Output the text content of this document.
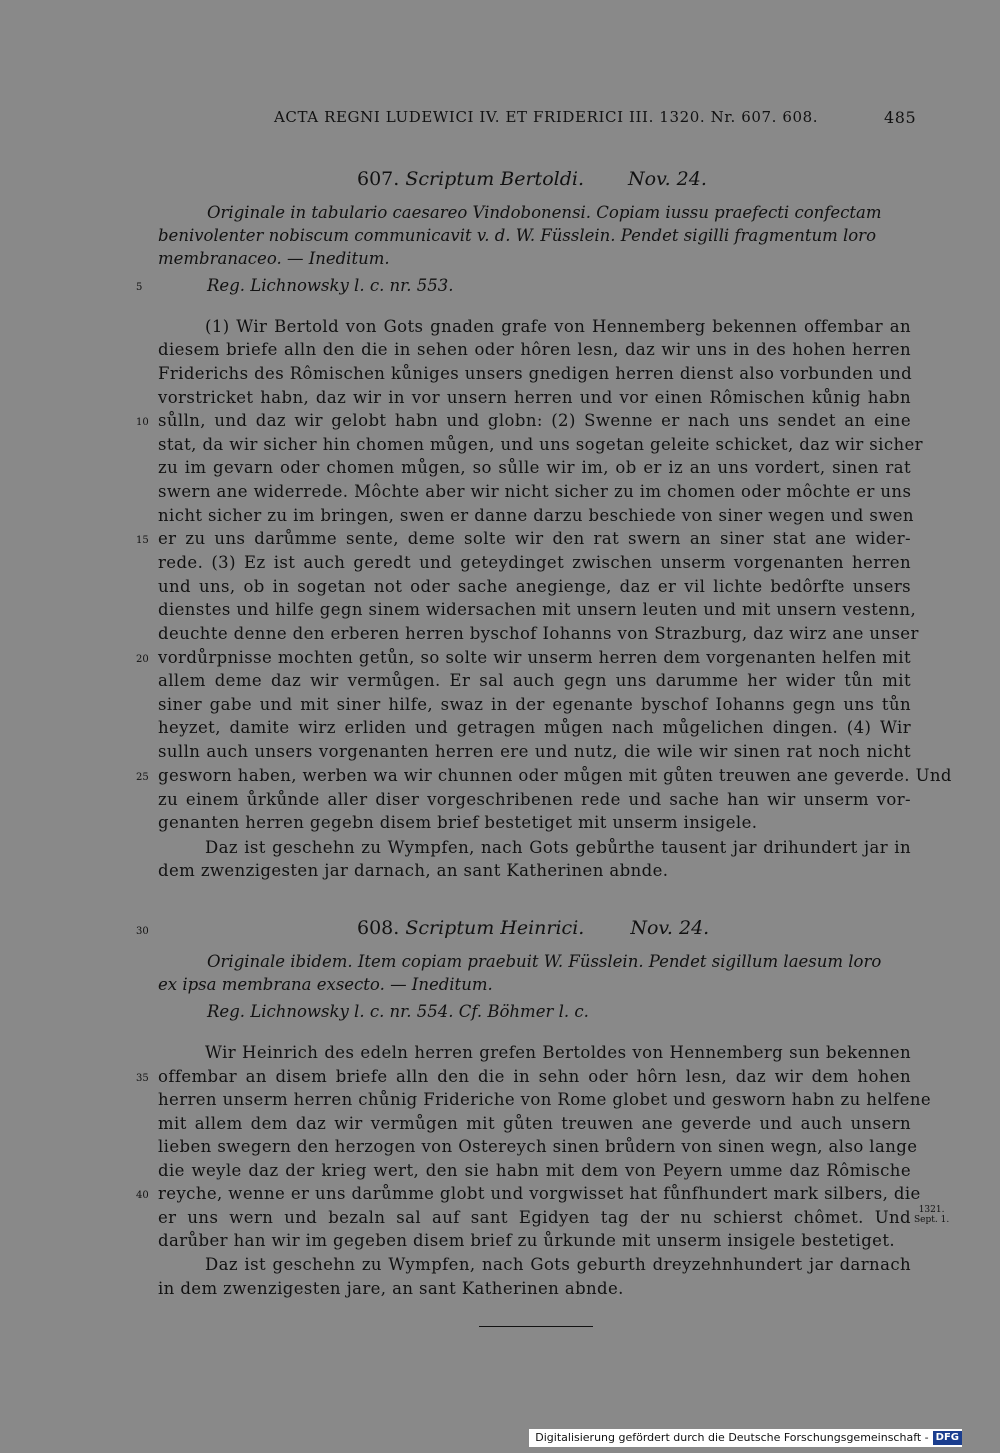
ACTA REGNI LUDEWICI IV. ET FRIDERICI III. 1320. Nr. 607. 608.	485
607. Scriptum Bertoldi. Nov. 24.
Originale in tabulario caesareo Vindobonensi. Copiam iussu praefecti confectam
benivolenter nobiscum communicavit v. d. W. Füsslein. Pendet sigilli fragmentum loro
membranaceo. — Ineditum.
Reg. Lichnowsky l. c. nr. 553.
(1) Wir Bertold von Gots gnaden grafe von Hennemberg bekennen offembar an
diesem briefe alln den die in sehen oder hôren lesn, daz wir uns in des hohen herren
Friderichs des Rômischen kůniges unsers gnedigen herren dienst also vorbunden und
vorstricket habn, daz wir in vor unsern herren und vor einen Rômischen kůnig habn
sůlln, und daz wir gelobt habn und globn: (2) Swenne er nach uns sendet an eine
stat, da wir sicher hin chomen můgen, und uns sogetan geleite schicket, daz wir sicher
zu im gevarn oder chomen můgen, so sůlle wir im, ob er iz an uns vordert, sinen rat
swern ane widerrede. Môchte aber wir nicht sicher zu im chomen oder môchte er uns
nicht sicher zu im bringen, swen er danne darzu beschiede von siner wegen und swen
er zu uns darůmme sente, deme solte wir den rat swern an siner stat ane wider-
rede. (3) Ez ist auch geredt und geteydinget zwischen unserm vorgenanten herren
und uns, ob in sogetan not oder sache anegienge, daz er vil lichte bedôrfte unsers
dienstes und hilfe gegn sinem widersachen mit unsern leuten und mit unsern vestenn,
deuchte denne den erberen herren byschof Iohanns von Strazburg, daz wirz ane unser
vordůrpnisse mochten getůn, so solte wir unserm herren dem vorgenanten helfen mit
allem deme daz wir vermůgen. Er sal auch gegn uns darumme her wider tůn mit
siner gabe und mit siner hilfe, swaz in der egenante byschof Iohanns gegn uns tůn
heyzet, damite wirz erliden und getragen můgen nach můgelichen dingen. (4) Wir
sulln auch unsers vorgenanten herren ere und nutz, die wile wir sinen rat noch nicht
gesworn haben, werben wa wir chunnen oder můgen mit gůten treuwen ane geverde. Und
zu einem ůrkůnde aller diser vorgeschribenen rede und sache han wir unserm vor-
genanten herren gegebn disem brief bestetiget mit unserm insigele.
Daz ist geschehn zu Wympfen, nach Gots gebůrthe tausent jar drihundert jar in
dem zwenzigesten jar darnach, an sant Katherinen abnde.
608. Scriptum Heinrici. Nov. 24.
Originale ibidem. Item copiam praebuit W. Füsslein. Pendet sigillum laesum loro
ex ipsa membrana exsecto. — Ineditum.
Reg. Lichnowsky l. c. nr. 554. Cf. Böhmer l. c.
Wir Heinrich des edeln herren grefen Bertoldes von Hennemberg sun bekennen
offembar an disem briefe alln den die in sehn oder hôrn lesn, daz wir dem hohen
herren unserm herren chůnig Frideriche von Rome globet und gesworn habn zu helfene
mit allem dem daz wir vermůgen mit gůten treuwen ane geverde und auch unsern
lieben swegern den herzogen von Ostereych sinen brůdern von sinen wegn, also lange
die weyle daz der krieg wert, den sie habn mit dem von Peyern umme daz Rômische
reyche, wenne er uns darůmme globt und vorgwisset hat fůnfhundert mark silbers, die
er uns wern und bezaln sal auf sant Egidyen tag der nu schierst chômet. Und
darůber han wir im gegeben disem brief zu ůrkunde mit unserm insigele bestetiget.
Daz ist geschehn zu Wympfen, nach Gots geburth dreyzehnhundert jar darnach
in dem zwenzigesten jare, an sant Katherinen abnde.
1321.
Sept. 1.
5
10
15
20
25
30
35
40
Digitalisierung gefördert durch die Deutsche Forschungsgemeinschaft - DFG
